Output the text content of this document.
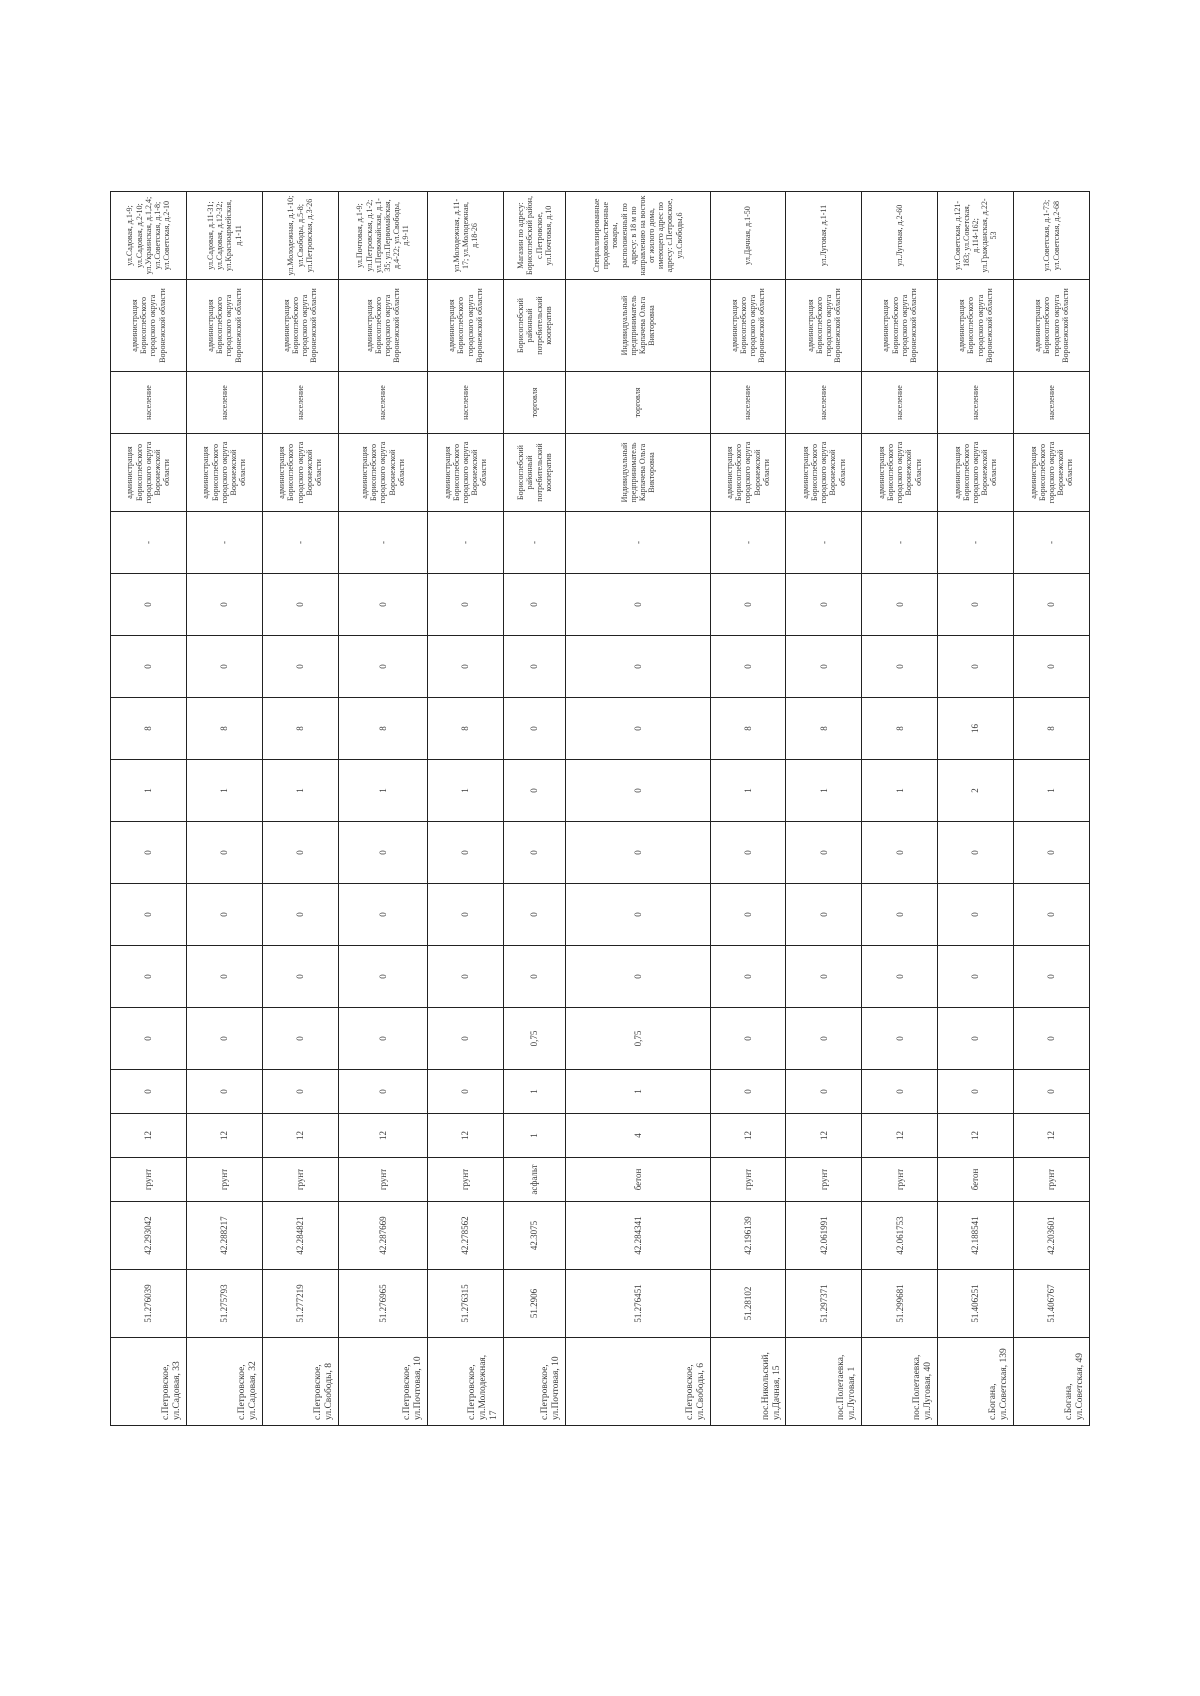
с.Петровское, ул.Садовая, 33	51.276039	42.293042	грунт	12	0	0	0	0	0	1	8	0	0	-	администрация Борисоглебского городского округа Воронежской области	население	администрация Борисоглебского городского округа Воронежской области	ул.Садовая, д.1-9; ул.Садовая, д.2-10; ул.Украинская, д.1,2,4; ул.Советская, д.1-8; ул.Советская, д.2-10
с.Петровское, ул.Садовая, 32	51.275793	42.288217	грунт	12	0	0	0	0	0	1	8	0	0	-	администрация Борисоглебского городского округа Воронежской области	население	администрация Борисоглебского городского округа Воронежской области	ул.Садовая, д.11-31; ул.Садовая, д.12-32; ул.Красноармейская, д.1-11
с.Петровское, ул.Свободы, 8	51.277219	42.284821	грунт	12	0	0	0	0	0	1	8	0	0	-	администрация Борисоглебского городского округа Воронежской области	население	администрация Борисоглебского городского округа Воронежской области	ул.Молодежная, д.1-10; ул.Свободы, д.5-8; ул.Петровская, д.3-26
с.Петровское, ул.Почтовая, 10	51.276965	42.287669	грунт	12	0	0	0	0	0	1	8	0	0	-	администрация Борисоглебского городского округа Воронежской области	население	администрация Борисоглебского городского округа Воронежской области	ул.Почтовая, д.1-9; ул.Петровская, д.1-2; ул.Первомайская, д.1-35; ул.Первомайская, д.4-22; ул.Свободы, д.9-11
с.Петровское, ул.Молодежная, 17	51.276315	42.278562	грунт	12	0	0	0	0	0	1	8	0	0	-	администрация Борисоглебского городского округа Воронежской области	население	администрация Борисоглебского городского округа Воронежской области	ул.Молодежная, д.11-17; ул.Молодежная, д.18-26
с.Петровское, ул.Почтовая, 10	51.2906	42.3075	асфальт	1	1	0,75	0	0	0	0	0	0	0	-	Борисоглебский районный потребительский кооператив	торговля	Борисоглебский районный потребительский кооператив	Магазин по адресу: Борисоглебский район, с.Петровское, ул.Почтовая, д.10
с.Петровское, ул.Свободы, 6	51.276451	42.284341	бетон	4	1	0,75	0	0	0	0	0	0	0	-	Индивидуальный предприниматель Карпачева Ольга Викторовна	торговля	Индивидуальный предприниматель Карпачева Ольга Викторовна	Специализированные продовольственные товары, расположенный по адресу: в 18 м по направлению на восток от жилого дома, имеющего адрес по адресу: с.Петровское, ул.Свободы,6
пос.Никольский, ул.Дачная, 15	51.28102	42.196139	грунт	12	0	0	0	0	0	1	8	0	0	-	администрация Борисоглебского городского округа Воронежской области	население	администрация Борисоглебского городского округа Воронежской области	ул.Дачная, д.1-50
пос.Полетаевка, ул.Луговая, 1	51.297371	42.061991	грунт	12	0	0	0	0	0	1	8	0	0	-	администрация Борисоглебского городского округа Воронежской области	население	администрация Борисоглебского городского округа Воронежской области	ул.Луговая, д.1-11
пос.Полетаевка, ул.Луговая, 40	51.299681	42.061753	грунт	12	0	0	0	0	0	1	8	0	0	-	администрация Борисоглебского городского округа Воронежской области	население	администрация Борисоглебского городского округа Воронежской области	ул.Луговая, д.2-60
с.Богана, ул.Советская, 139	51.406251	42.188541	бетон	12	0	0	0	0	0	2	16	0	0	-	администрация Борисоглебского городского округа Воронежской области	население	администрация Борисоглебского городского округа Воронежской области	ул.Советская, д.121-183; ул.Советская, д.114-162; ул.Гражданская, д.22-53
с.Богана, ул.Советская, 49	51.406767	42.203601	грунт	12	0	0	0	0	0	1	8	0	0	-	администрация Борисоглебского городского округа Воронежской области	население	администрация Борисоглебского городского округа Воронежской области	ул.Советская, д.1-73; ул.Советская, д.2-68
